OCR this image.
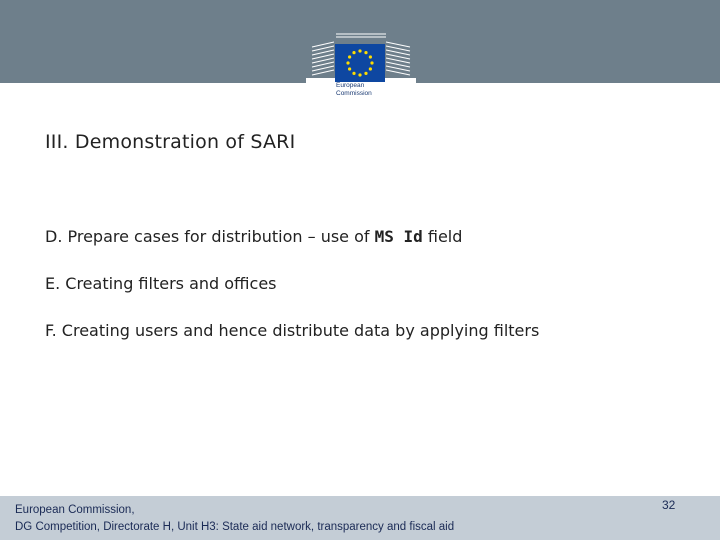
European
Commission
III. Demonstration of SARI
D. Prepare cases for distribution – use of MS Id field
E. Creating filters and offices
F. Creating users and hence distribute data by applying filters
European Commission,
DG Competition, Directorate H, Unit H3: State aid network, transparency and fiscal aid
32
